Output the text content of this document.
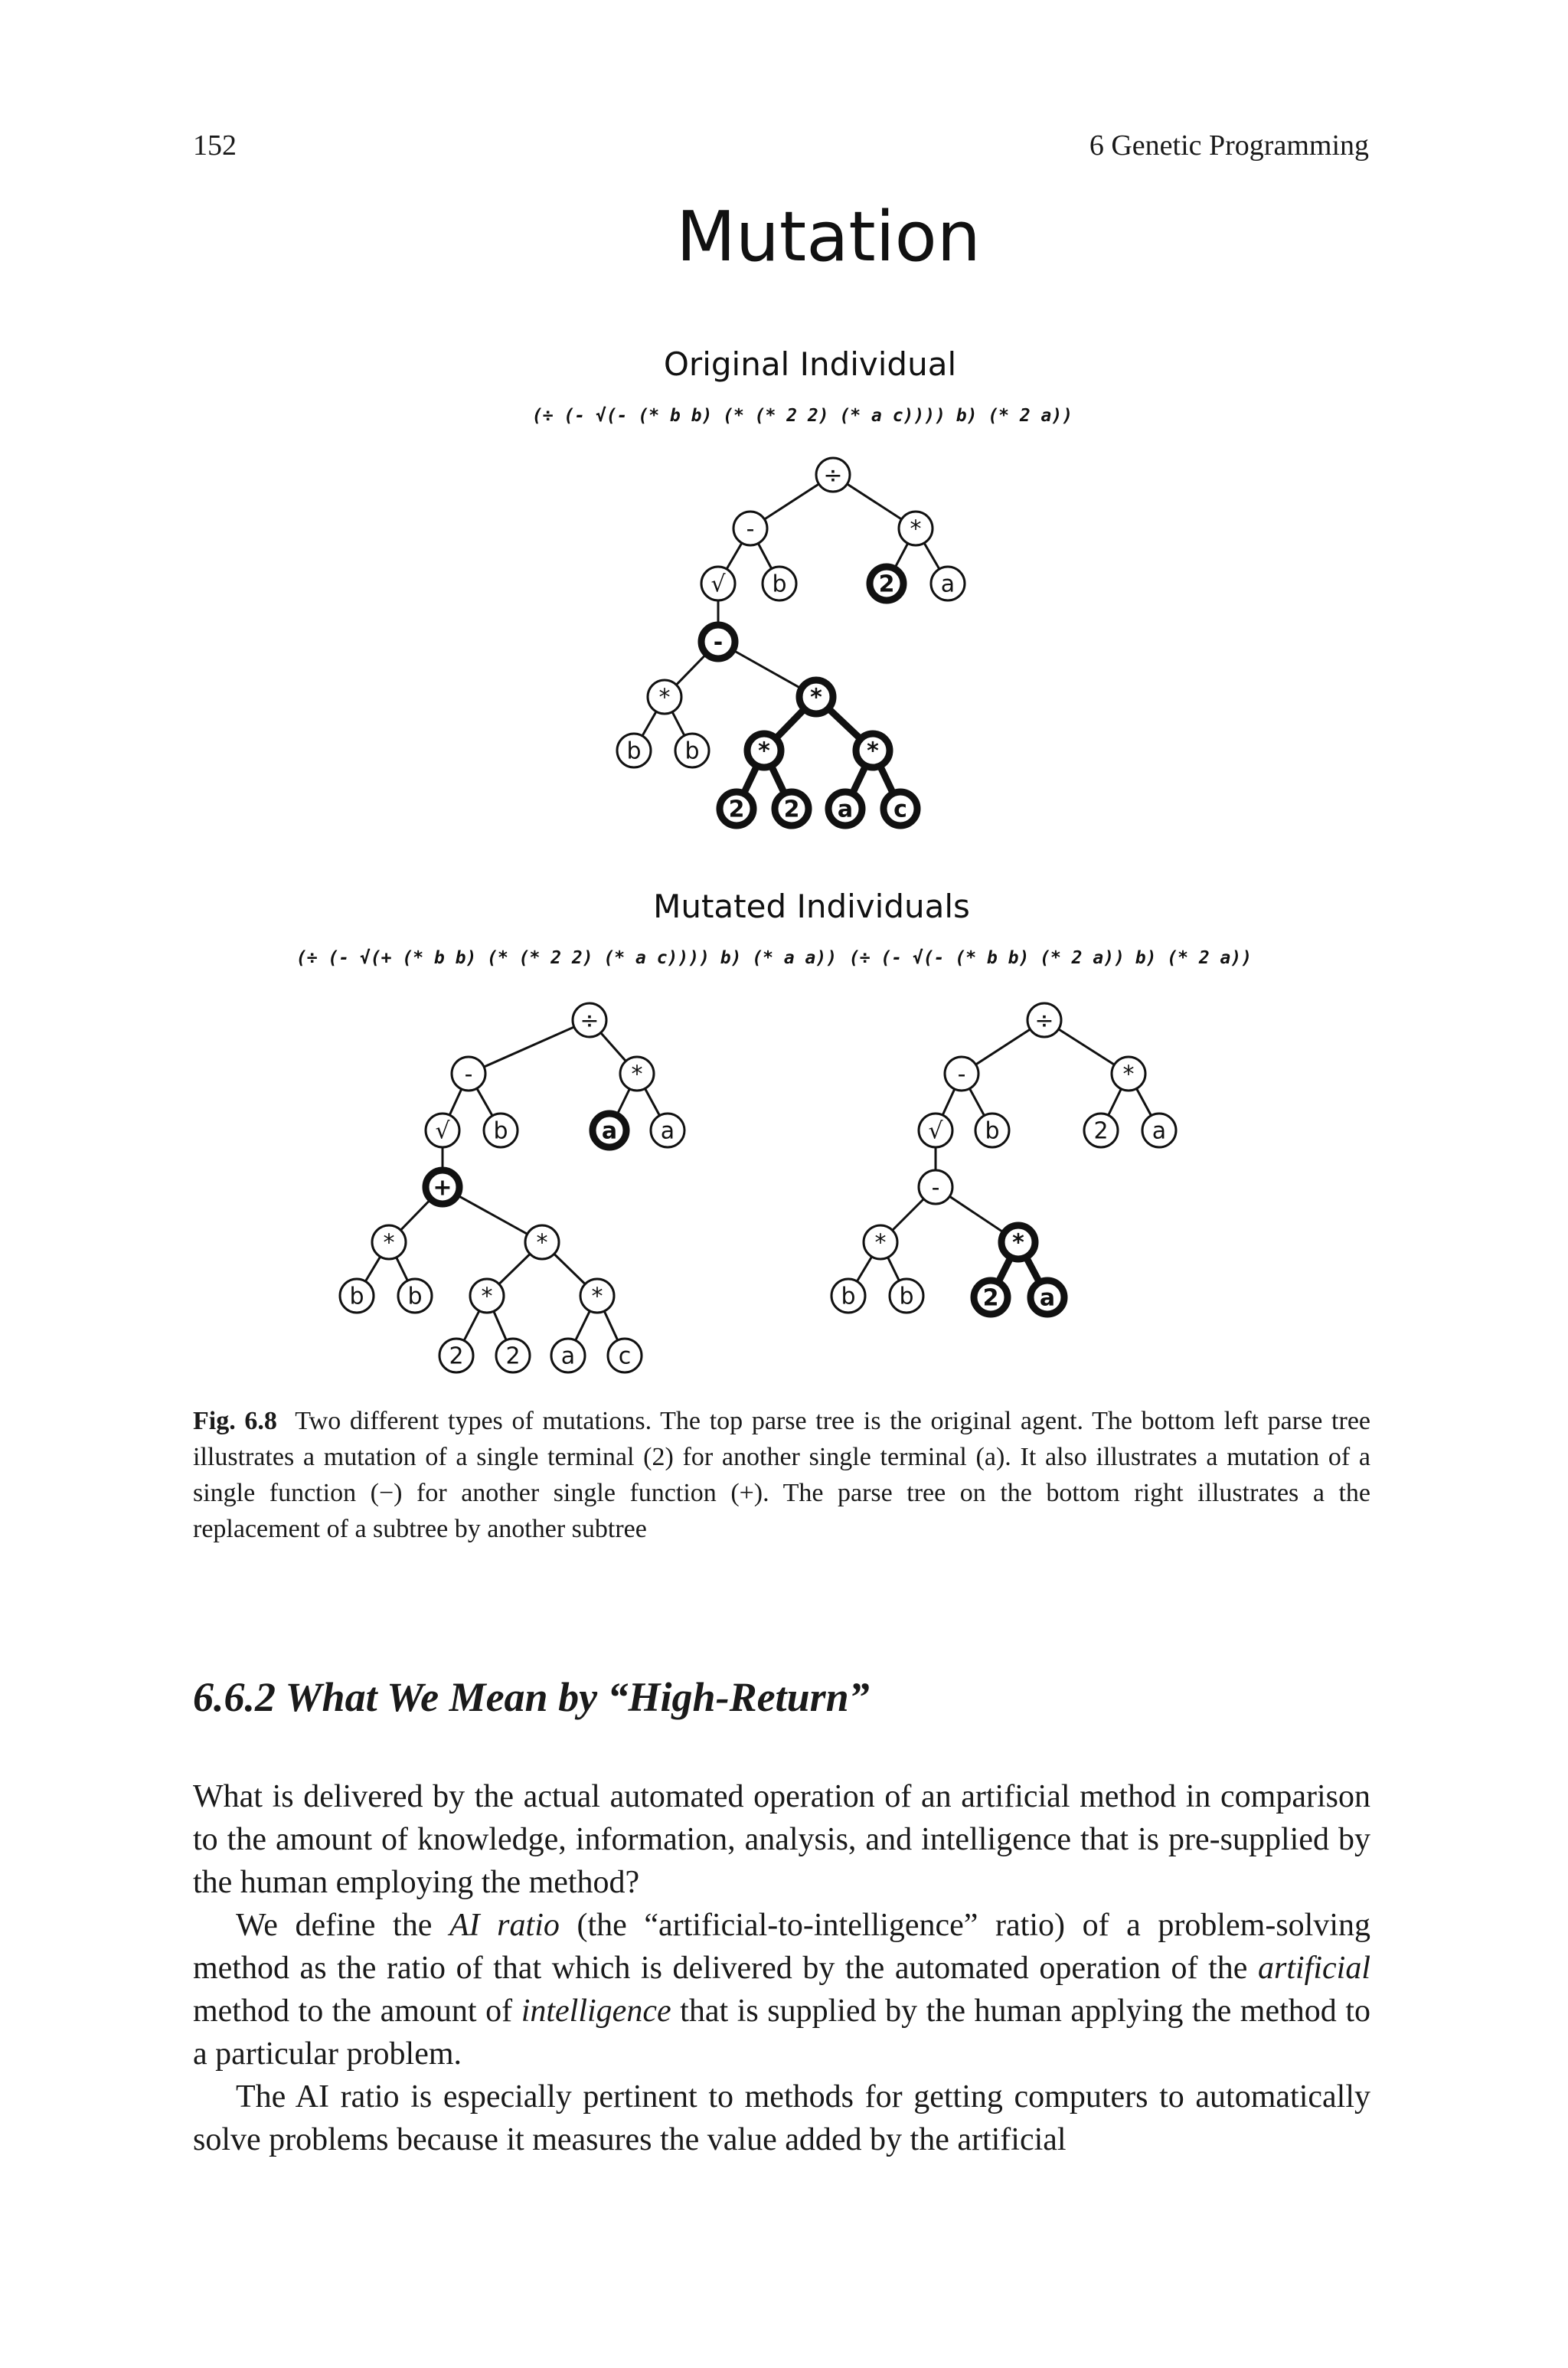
152	6 Genetic Programming
Mutation
Original Individual
(÷ (- √(- (* b b) (* (* 2 2) (* a c)))) b) (* 2 a))
Mutated Individuals
(÷ (- √(+ (* b b) (* (* 2 2) (* a c)))) b) (* a a)) (÷ (- √(- (* b b) (* 2 a)) b) (* 2 a))
÷
-	*
√ b	2 a
-
*	*
b b	*	*
2 2 a c
÷
-	*
√ b	a a
+
*	*
b b	*	*
2 2 a c
÷
-	*
√ b	2 a
-
*	*
b b	2 a
Fig. 6.8 Two different types of mutations. The top parse tree is the original agent. The bottom left parse tree illustrates a mutation of a single terminal (2) for another single terminal (a). It also illustrates a mutation of a single function (−) for another single function (+). The parse tree on the bottom right illustrates a the replacement of a subtree by another subtree
6.6.2 What We Mean by “High-Return”

What is delivered by the actual automated operation of an artificial method in comparison to the amount of knowledge, information, analysis, and intelligence that is pre-supplied by the human employing the method?

We define the AI ratio (the “artificial-to-intelligence” ratio) of a problem-solving method as the ratio of that which is delivered by the automated operation of the artificial method to the amount of intelligence that is supplied by the human applying the method to a particular problem.

The AI ratio is especially pertinent to methods for getting computers to automatically solve problems because it measures the value added by the artificial
